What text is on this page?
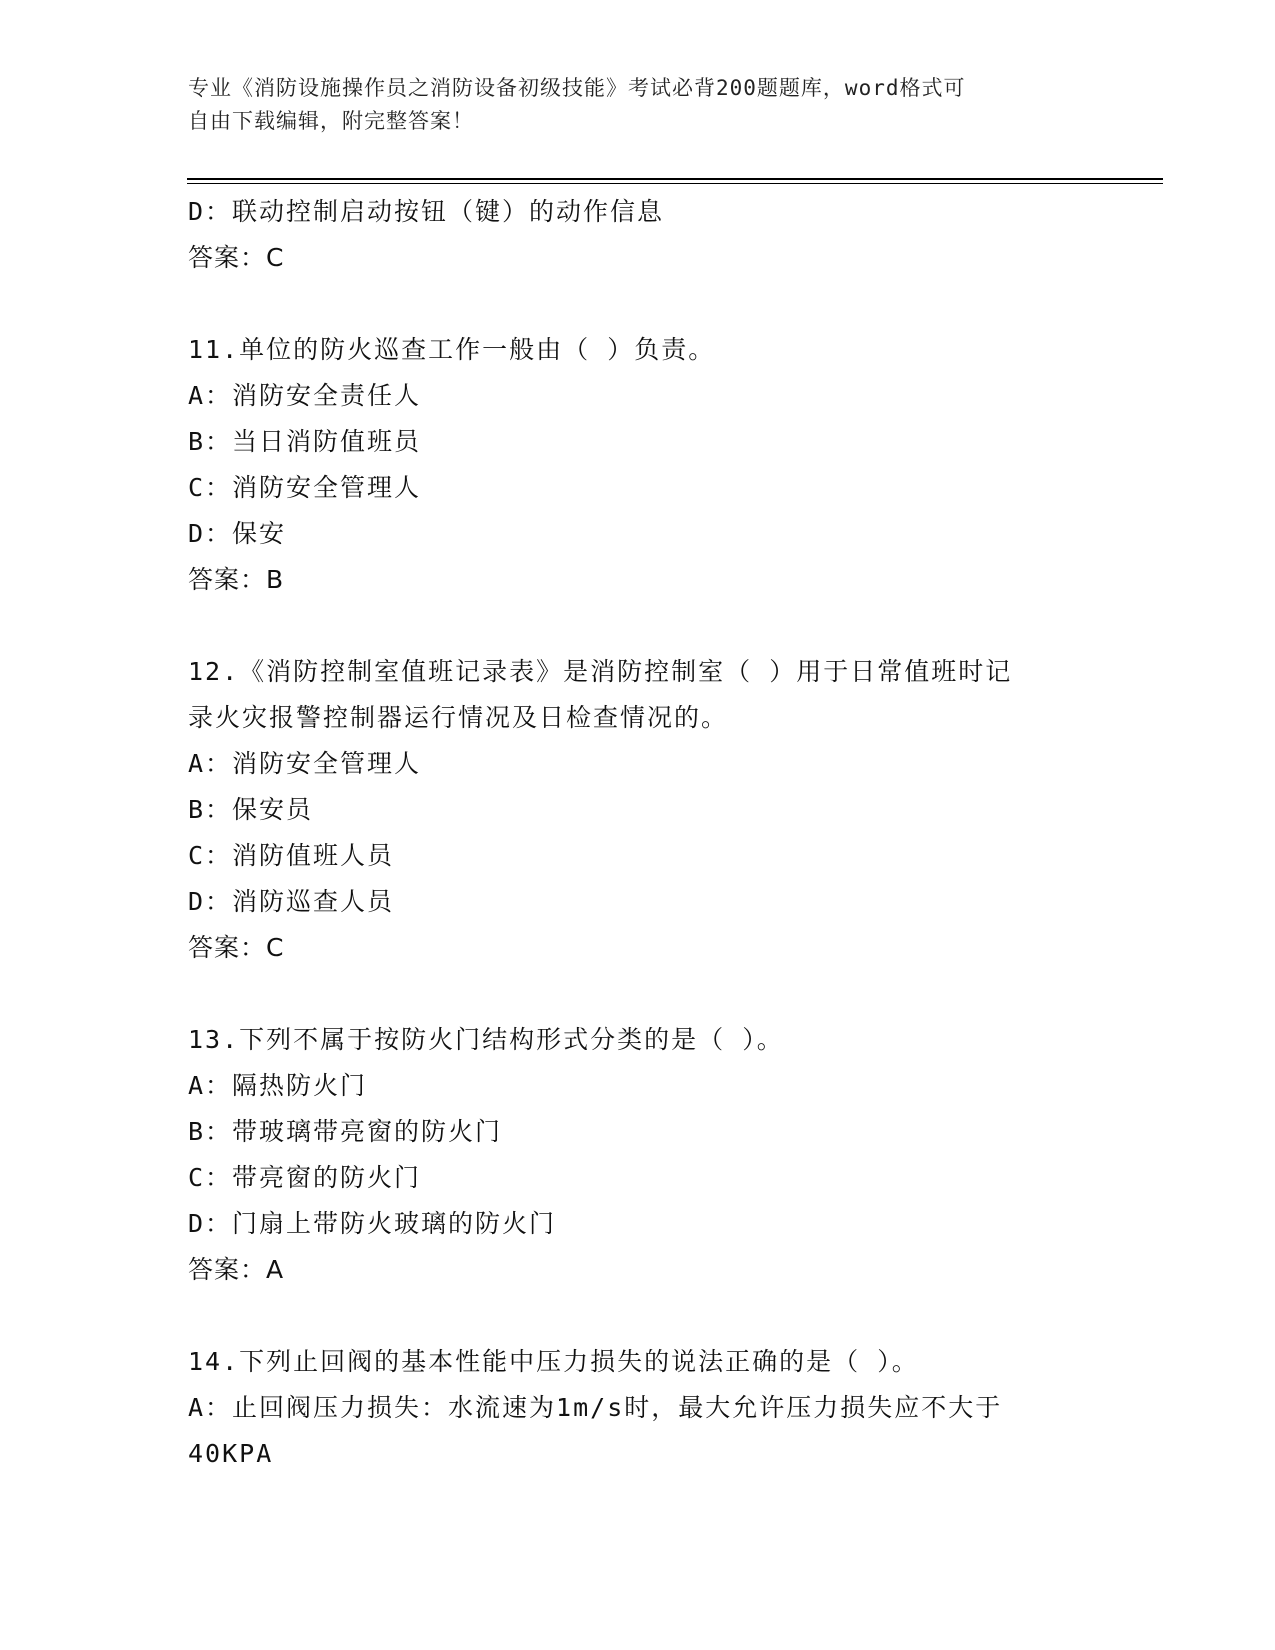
专业《消防设施操作员之消防设备初级技能》考试必背200题题库，word格式可
自由下载编辑，附完整答案！
D：联动控制启动按钮（键）的动作信息
答案：C
11.单位的防火巡查工作一般由（ ）负责。
A：消防安全责任人
B：当日消防值班员
C：消防安全管理人
D：保安
答案：B
12.《消防控制室值班记录表》是消防控制室（ ）用于日常值班时记
录火灾报警控制器运行情况及日检查情况的。
A：消防安全管理人
B：保安员
C：消防值班人员
D：消防巡查人员
答案：C
13.下列不属于按防火门结构形式分类的是（ ）。
A：隔热防火门
B：带玻璃带亮窗的防火门
C：带亮窗的防火门
D：门扇上带防火玻璃的防火门
答案：A
14.下列止回阀的基本性能中压力损失的说法正确的是（ ）。
A：止回阀压力损失：水流速为1m/s时，最大允许压力损失应不大于
40KPA
